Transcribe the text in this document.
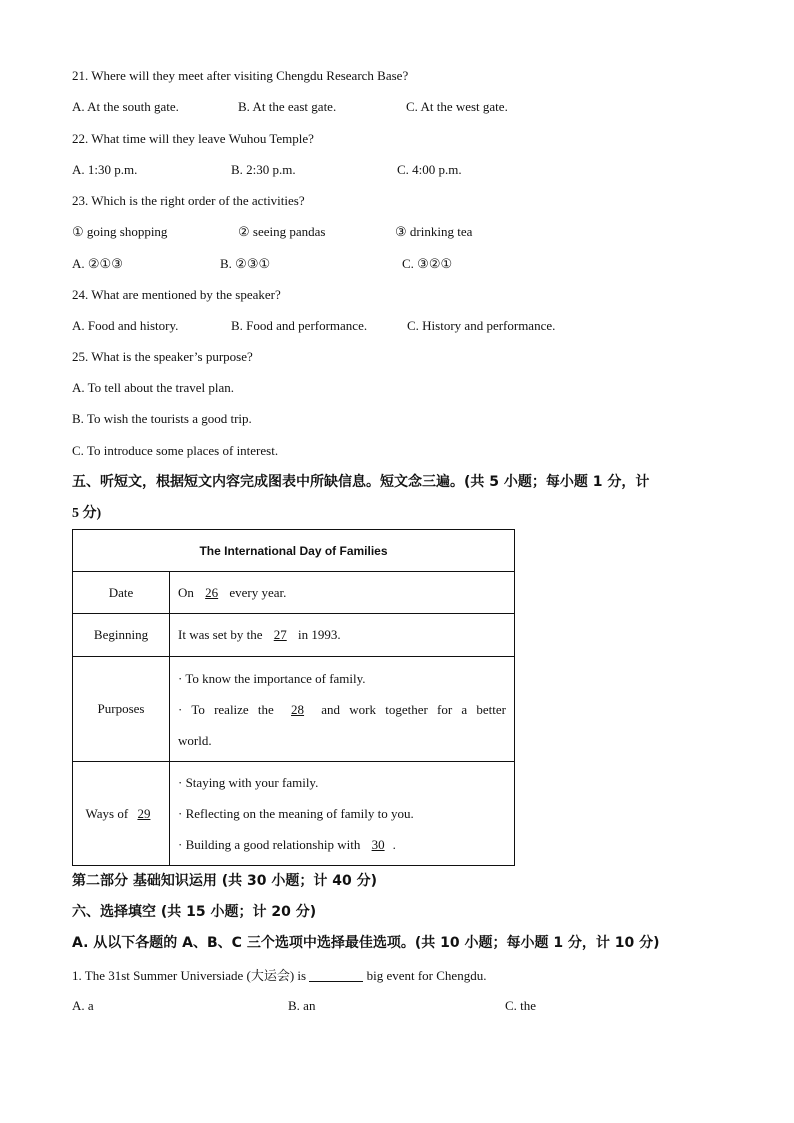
21. Where will they meet after visiting Chengdu Research Base?
A. At the south gate.	B. At the east gate.	C. At the west gate.
22. What time will they leave Wuhou Temple?
A. 1:30 p.m.	B. 2:30 p.m.	C. 4:00 p.m.
23. Which is the right order of the activities?
① going shopping	② seeing pandas	③ drinking tea
A. ②①③	B. ②③①	C. ③②①
24. What are mentioned by the speaker?
A. Food and history.	B. Food and performance.	C. History and performance.
25. What is the speaker’s purpose?
A. To tell about the travel plan.
B. To wish the tourists a good trip.
C. To introduce some places of interest.
五、听短文，根据短文内容完成图表中所缺信息。短文念三遍。(共 5 小题；每小题 1 分，计
5 分)
The International Day of Families	
Date	On 26 every year.
Beginning	It was set by the 27 in 1993.
Purposes	· To know the importance of family.
· To realize the 28 and work together for a better
world.

Ways of 29	· Staying with your family.
· Reflecting on the meaning of family to you.
· Building a good relationship with 30 .
第二部分 基础知识运用 (共 30 小题；计 40 分)
六、选择填空 (共 15 小题；计 20 分)
A. 从以下各题的 A、B、C 三个选项中选择最佳选项。(共 10 小题；每小题 1 分，计 10 分)
1. The 31st Summer Universiade (大运会) is	big event for Chengdu.
A. a	B. an	C. the
